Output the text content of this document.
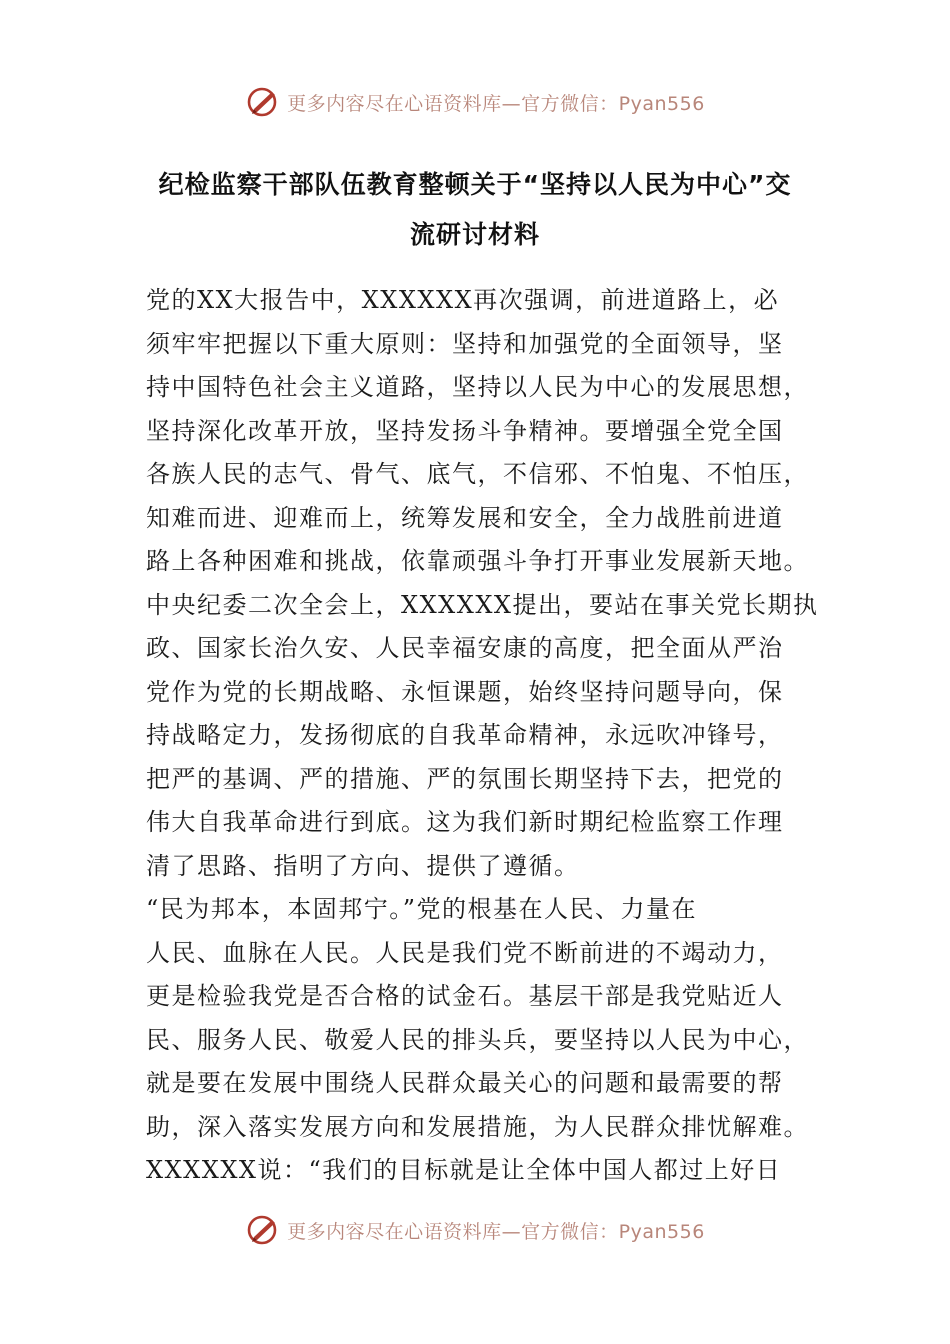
更多内容尽在心语资料库—官方微信：Pyan556
纪检监察干部队伍教育整顿关于“坚持以人民为中心”交
流研讨材料
党的XX大报告中，XXXXXX再次强调，前进道路上，必
须牢牢把握以下重大原则：坚持和加强党的全面领导，坚
持中国特色社会主义道路，坚持以人民为中心的发展思想，
坚持深化改革开放，坚持发扬斗争精神。要增强全党全国
各族人民的志气、骨气、底气，不信邪、不怕鬼、不怕压，
知难而进、迎难而上，统筹发展和安全，全力战胜前进道
路上各种困难和挑战，依靠顽强斗争打开事业发展新天地。
中央纪委二次全会上，XXXXXX提出，要站在事关党长期执
政、国家长治久安、人民幸福安康的高度，把全面从严治
党作为党的长期战略、永恒课题，始终坚持问题导向，保
持战略定力，发扬彻底的自我革命精神，永远吹冲锋号，
把严的基调、严的措施、严的氛围长期坚持下去，把党的
伟大自我革命进行到底。这为我们新时期纪检监察工作理
清了思路、指明了方向、提供了遵循。
“民为邦本，本固邦宁。”党的根基在人民、力量在
人民、血脉在人民。人民是我们党不断前进的不竭动力，
更是检验我党是否合格的试金石。基层干部是我党贴近人
民、服务人民、敬爱人民的排头兵，要坚持以人民为中心，
就是要在发展中围绕人民群众最关心的问题和最需要的帮
助，深入落实发展方向和发展措施，为人民群众排忧解难。
XXXXXX说：“我们的目标就是让全体中国人都过上好日
更多内容尽在心语资料库—官方微信：Pyan556
